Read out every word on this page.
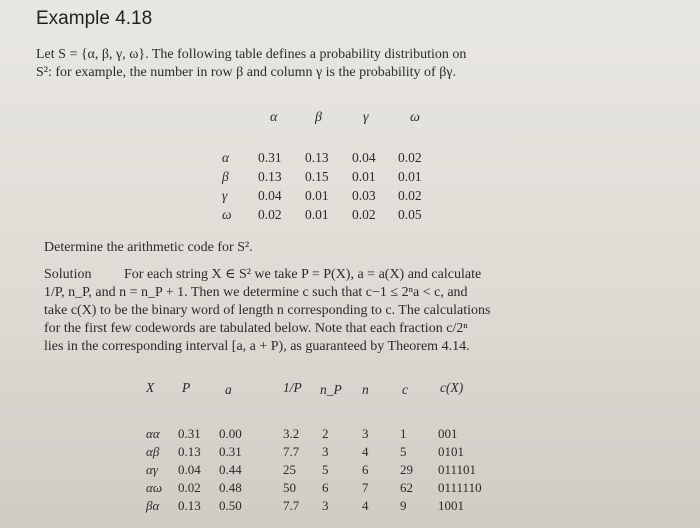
Example 4.18
Let S = {α, β, γ, ω}. The following table defines a probability distribution on
S²: for example, the number in row β and column γ is the probability of βγ.
α	β	γ	ω
α 0.31 0.13 0.04 0.02
β 0.13 0.15 0.01 0.01
γ 0.04 0.01 0.03 0.02
ω 0.02 0.01 0.02 0.05
Determine the arithmetic code for S².
Solution For each string X ∈ S² we take P = P(X), a = a(X) and calculate
1/P, n_P, and n = n_P + 1. Then we determine c such that c−1 ≤ 2ⁿa < c, and
take c(X) to be the binary word of length n corresponding to c. The calculations
for the first few codewords are tabulated below. Note that each fraction c/2ⁿ
lies in the corresponding interval [a, a + P), as guaranteed by Theorem 4.14.
X P	a	1/P n_P n c c(X)
αα 0.31 0.00	3.2 2	3 1 001
αβ 0.13 0.31	7.7 3	4 5 0101
αγ 0.04 0.44	25 5	6 29 011101
αω 0.02 0.48	50 6	7 62 0111110
βα 0.13 0.50	7.7 3	4 9 1001
